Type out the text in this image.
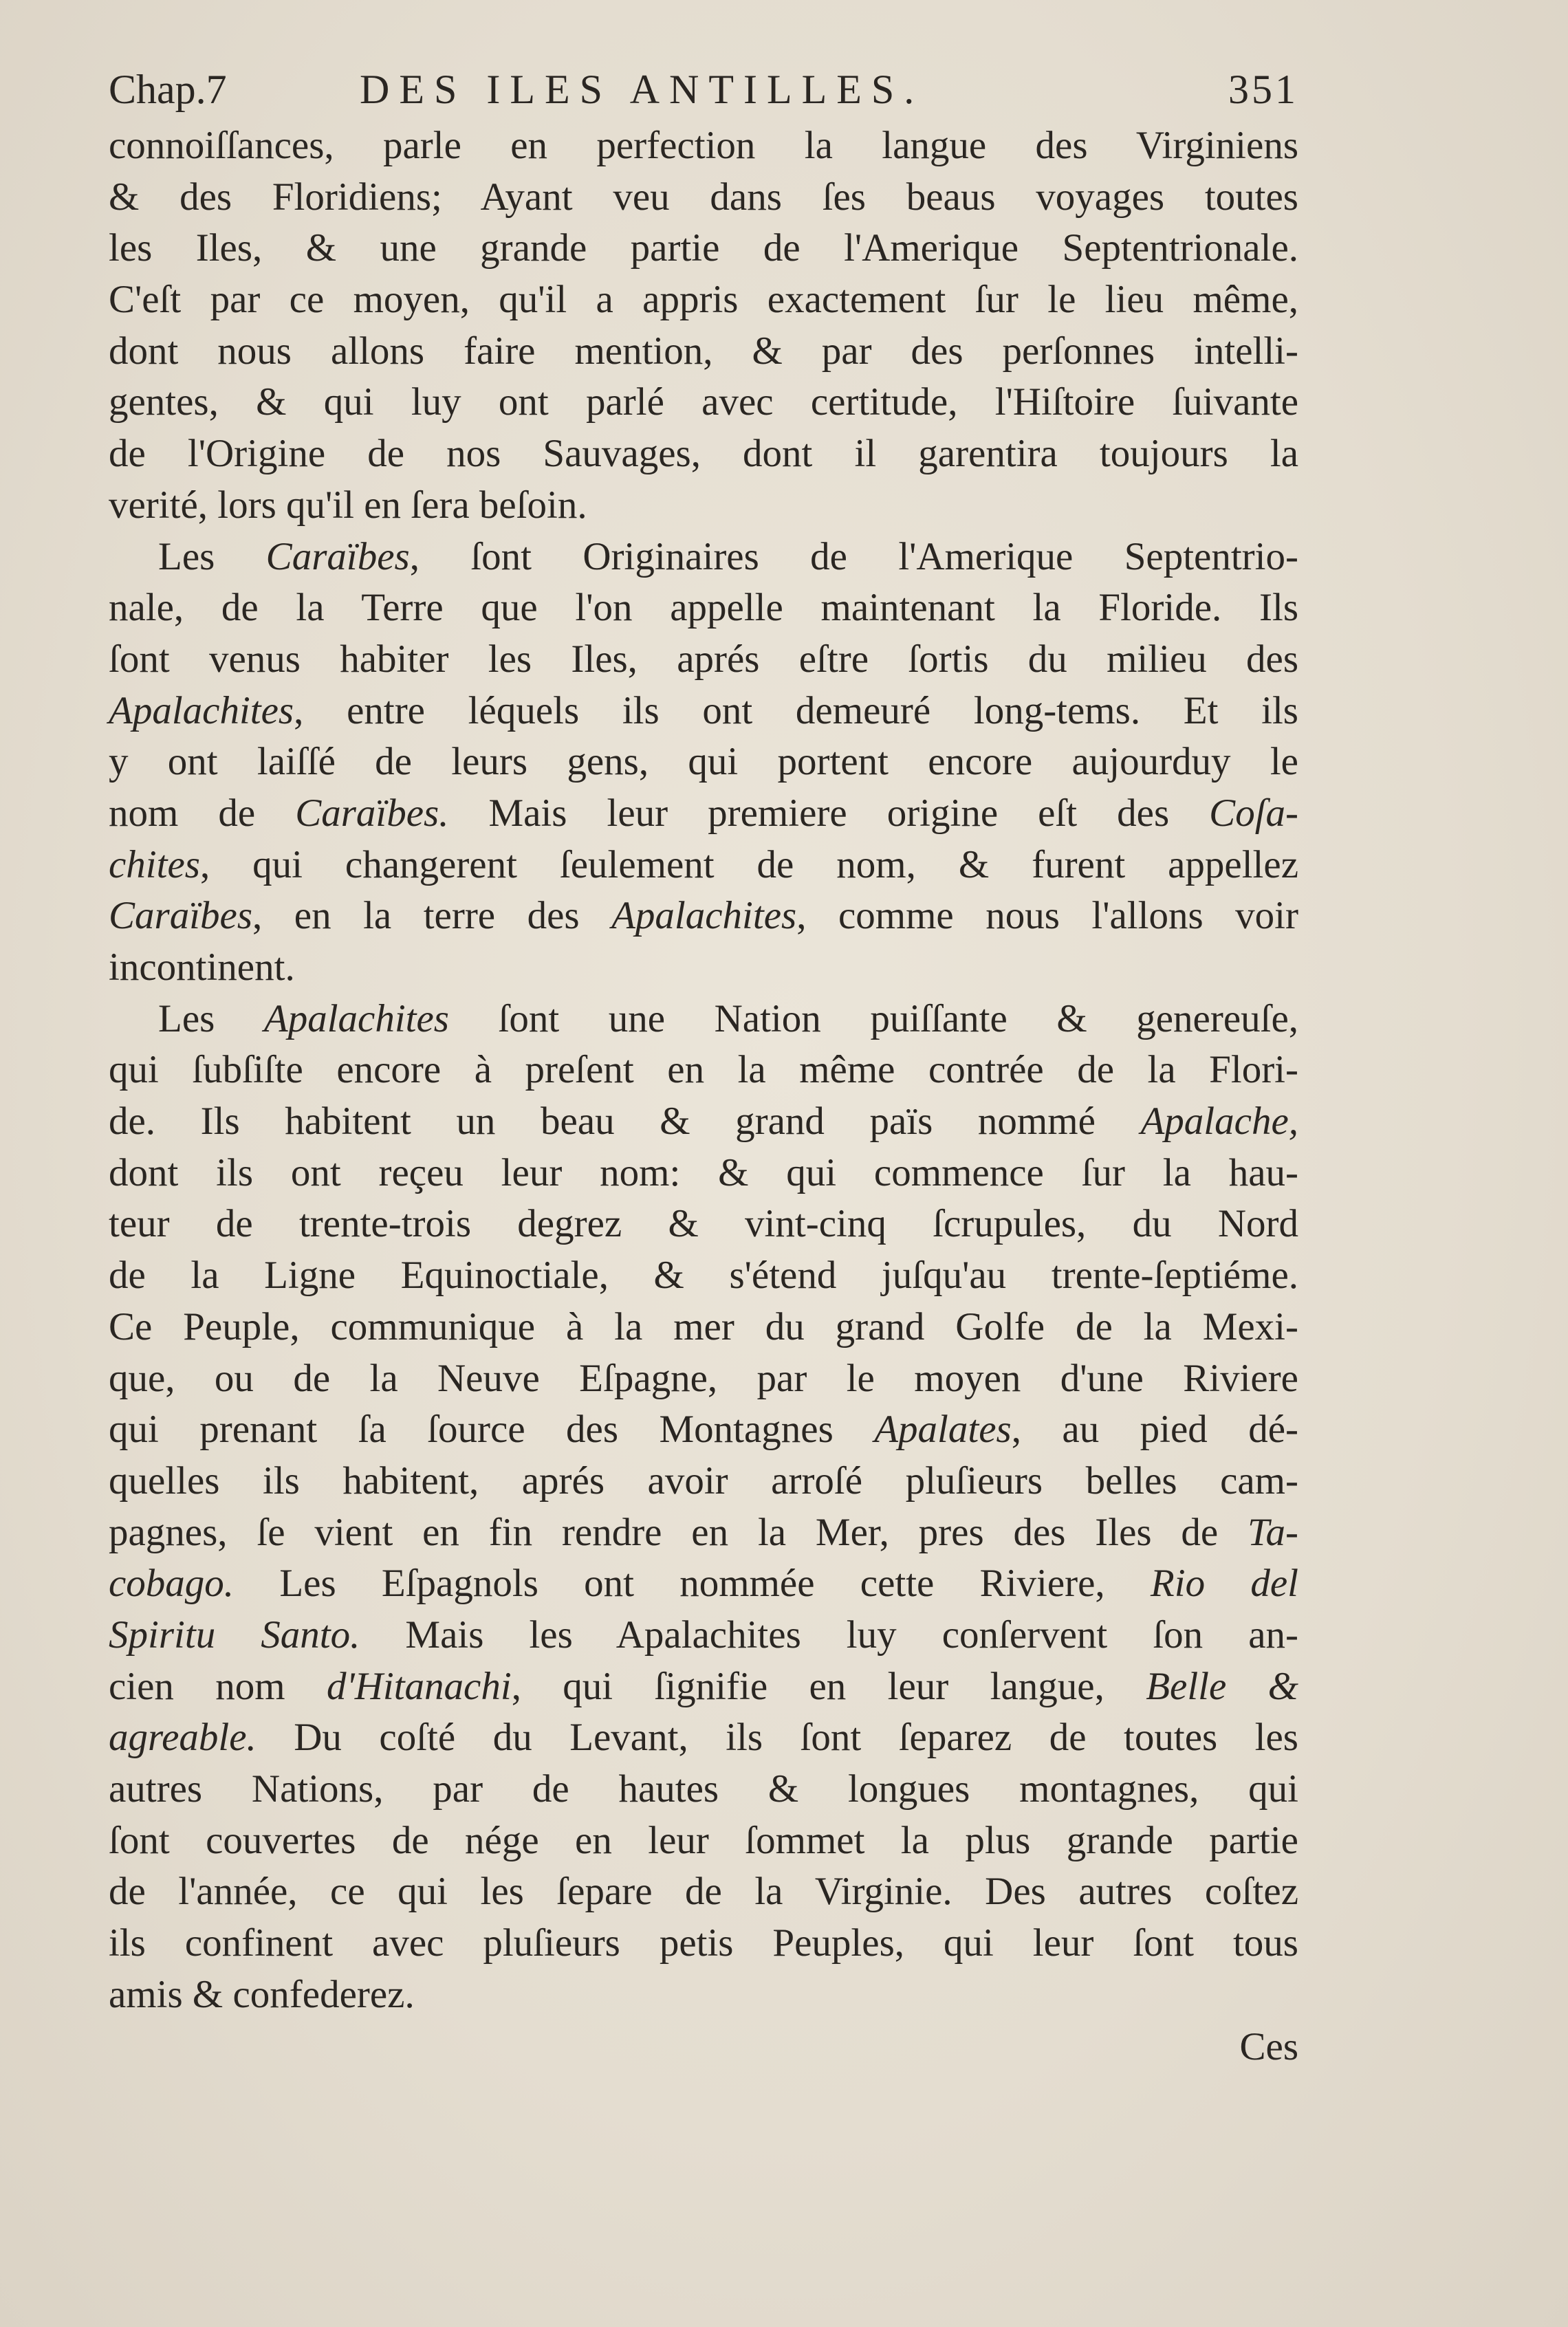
Chap.7	DES ILES ANTILLES.	351
connoiſſances, parle en perfection la langue des Virginiens
& des Floridiens; Ayant veu dans ſes beaus voyages toutes
les Iles, & une grande partie de l'Amerique Septentrionale.
C'eſt par ce moyen, qu'il a appris exactement ſur le lieu même,
dont nous allons faire mention, & par des perſonnes intelli-
gentes, & qui luy ont parlé avec certitude, l'Hiſtoire ſuivante
de l'Origine de nos Sauvages, dont il garentira toujours la
verité, lors qu'il en ſera beſoin.
Les Caraïbes, ſont Originaires de l'Amerique Septentrio-
nale, de la Terre que l'on appelle maintenant la Floride. Ils
ſont venus habiter les Iles, aprés eſtre ſortis du milieu des
Apalachites, entre léquels ils ont demeuré long-tems. Et ils
y ont laiſſé de leurs gens, qui portent encore aujourduy le
nom de Caraïbes. Mais leur premiere origine eſt des Coſa-
chites, qui changerent ſeulement de nom, & furent appellez
Caraïbes, en la terre des Apalachites, comme nous l'allons voir
incontinent.
Les Apalachites ſont une Nation puiſſante & genereuſe,
qui ſubſiſte encore à preſent en la même contrée de la Flori-
de. Ils habitent un beau & grand païs nommé Apalache,
dont ils ont reçeu leur nom: & qui commence ſur la hau-
teur de trente-trois degrez & vint-cinq ſcrupules, du Nord
de la Ligne Equinoctiale, & s'étend juſqu'au trente-ſeptiéme.
Ce Peuple, communique à la mer du grand Golfe de la Mexi-
que, ou de la Neuve Eſpagne, par le moyen d'une Riviere
qui prenant ſa ſource des Montagnes Apalates, au pied dé-
quelles ils habitent, aprés avoir arroſé pluſieurs belles cam-
pagnes, ſe vient en fin rendre en la Mer, pres des Iles de Ta-
cobago. Les Eſpagnols ont nommée cette Riviere, Rio del
Spiritu Santo. Mais les Apalachites luy conſervent ſon an-
cien nom d'Hitanachi, qui ſignifie en leur langue, Belle &
agreable. Du coſté du Levant, ils ſont ſeparez de toutes les
autres Nations, par de hautes & longues montagnes, qui
ſont couvertes de nége en leur ſommet la plus grande partie
de l'année, ce qui les ſepare de la Virginie. Des autres coſtez
ils confinent avec pluſieurs petis Peuples, qui leur ſont tous
amis & confederez.
Ces
